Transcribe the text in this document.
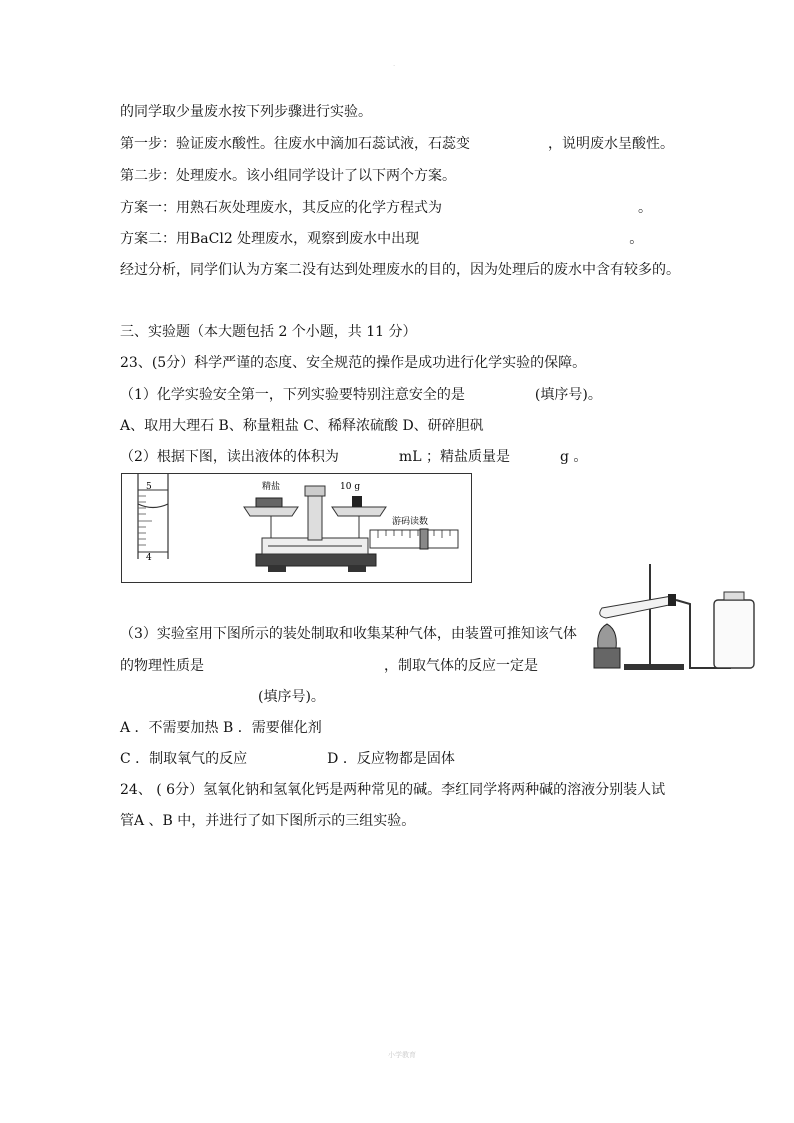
·
的同学取少量废水按下列步骤进行实验。
第一步：验证废水酸性。往废水中滴加石蕊试液，石蕊变	，说明废水呈酸性。
第二步：处理废水。该小组同学设计了以下两个方案。
方案一：用熟石灰处理废水，其反应的化学方程式为	。
方案二：用BaCl2 处理废水，观察到废水中出现	。
经过分析，同学们认为方案二没有达到处理废水的目的，因为处理后的废水中含有较多的。
三、实验题（本大题包括 2 个小题，共 11 分）
23、(5分）科学严谨的态度、安全规范的操作是成功进行化学实验的保障。
（1）化学实验安全第一，下列实验要特别注意安全的是	(填序号)。
A、取用大理石 B、称量粗盐 C、稀释浓硫酸 D、研碎胆矾
（2）根据下图，读出液体的体积为	mL ；精盐质量是	g 。
5
4
精盐	10 g
游码读数
（3）实验室用下图所示的装处制取和收集某种气体，由装置可推知该气体
的物理性质是	，制取气体的反应一定是
(填序号)。
A ．不需要加热 B ．需要催化剂
C ．制取氧气的反应	D ．反应物都是固体
24、 ( 6分）氢氧化钠和氢氧化钙是两种常见的碱。李红同学将两种碱的溶液分别装人试
管A 、B 中，并进行了如下图所示的三组实验。
小学教育
